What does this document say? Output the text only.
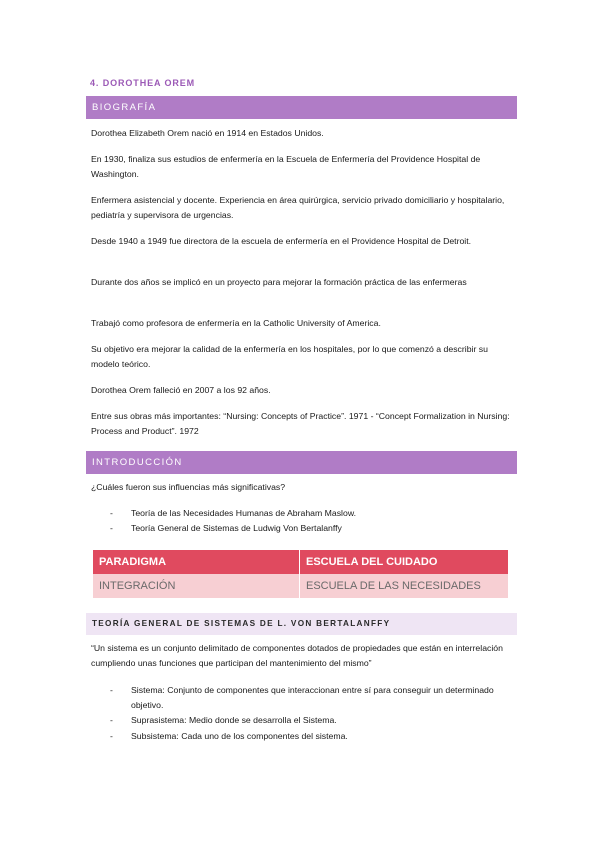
4. DOROTHEA OREM
BIOGRAFÍA

Dorothea Elizabeth Orem nació en 1914 en Estados Unidos.

En 1930, finaliza sus estudios de enfermería en la Escuela de Enfermería del Providence Hospital de Washington.

Enfermera asistencial y docente. Experiencia en área quirúrgica, servicio privado domiciliario y hospitalario, pediatría y supervisora de urgencias.

Desde 1940 a 1949 fue directora de la escuela de enfermería en el Providence Hospital de Detroit.

Durante dos años se implicó en un proyecto para mejorar la formación práctica de las enfermeras

Trabajó como profesora de enfermería en la Catholic University of America.

Su objetivo era mejorar la calidad de la enfermería en los hospitales, por lo que comenzó a describir su modelo teórico.

Dorothea Orem falleció en 2007 a los 92 años.

Entre sus obras más importantes: “Nursing: Concepts of Practice”. 1971 - “Concept Formalization in Nursing: Process and Product”. 1972

INTRODUCCIÓN

¿Cuáles fueron sus influencias más significativas?

- Teoría de las Necesidades Humanas de Abraham Maslow.
- Teoría General de Sistemas de Ludwig Von Bertalanffy
PARADIGMA	ESCUELA DEL CUIDADO
INTEGRACIÓN	ESCUELA DE LAS NECESIDADES
TEORÍA GENERAL DE SISTEMAS DE L. VON BERTALANFFY

“Un sistema es un conjunto delimitado de componentes dotados de propiedades que están en interrelación cumpliendo unas funciones que participan del mantenimiento del mismo”

- Sistema: Conjunto de componentes que interaccionan entre sí para conseguir un determinado objetivo.
- Suprasistema: Medio donde se desarrolla el Sistema.
- Subsistema: Cada uno de los componentes del sistema.
